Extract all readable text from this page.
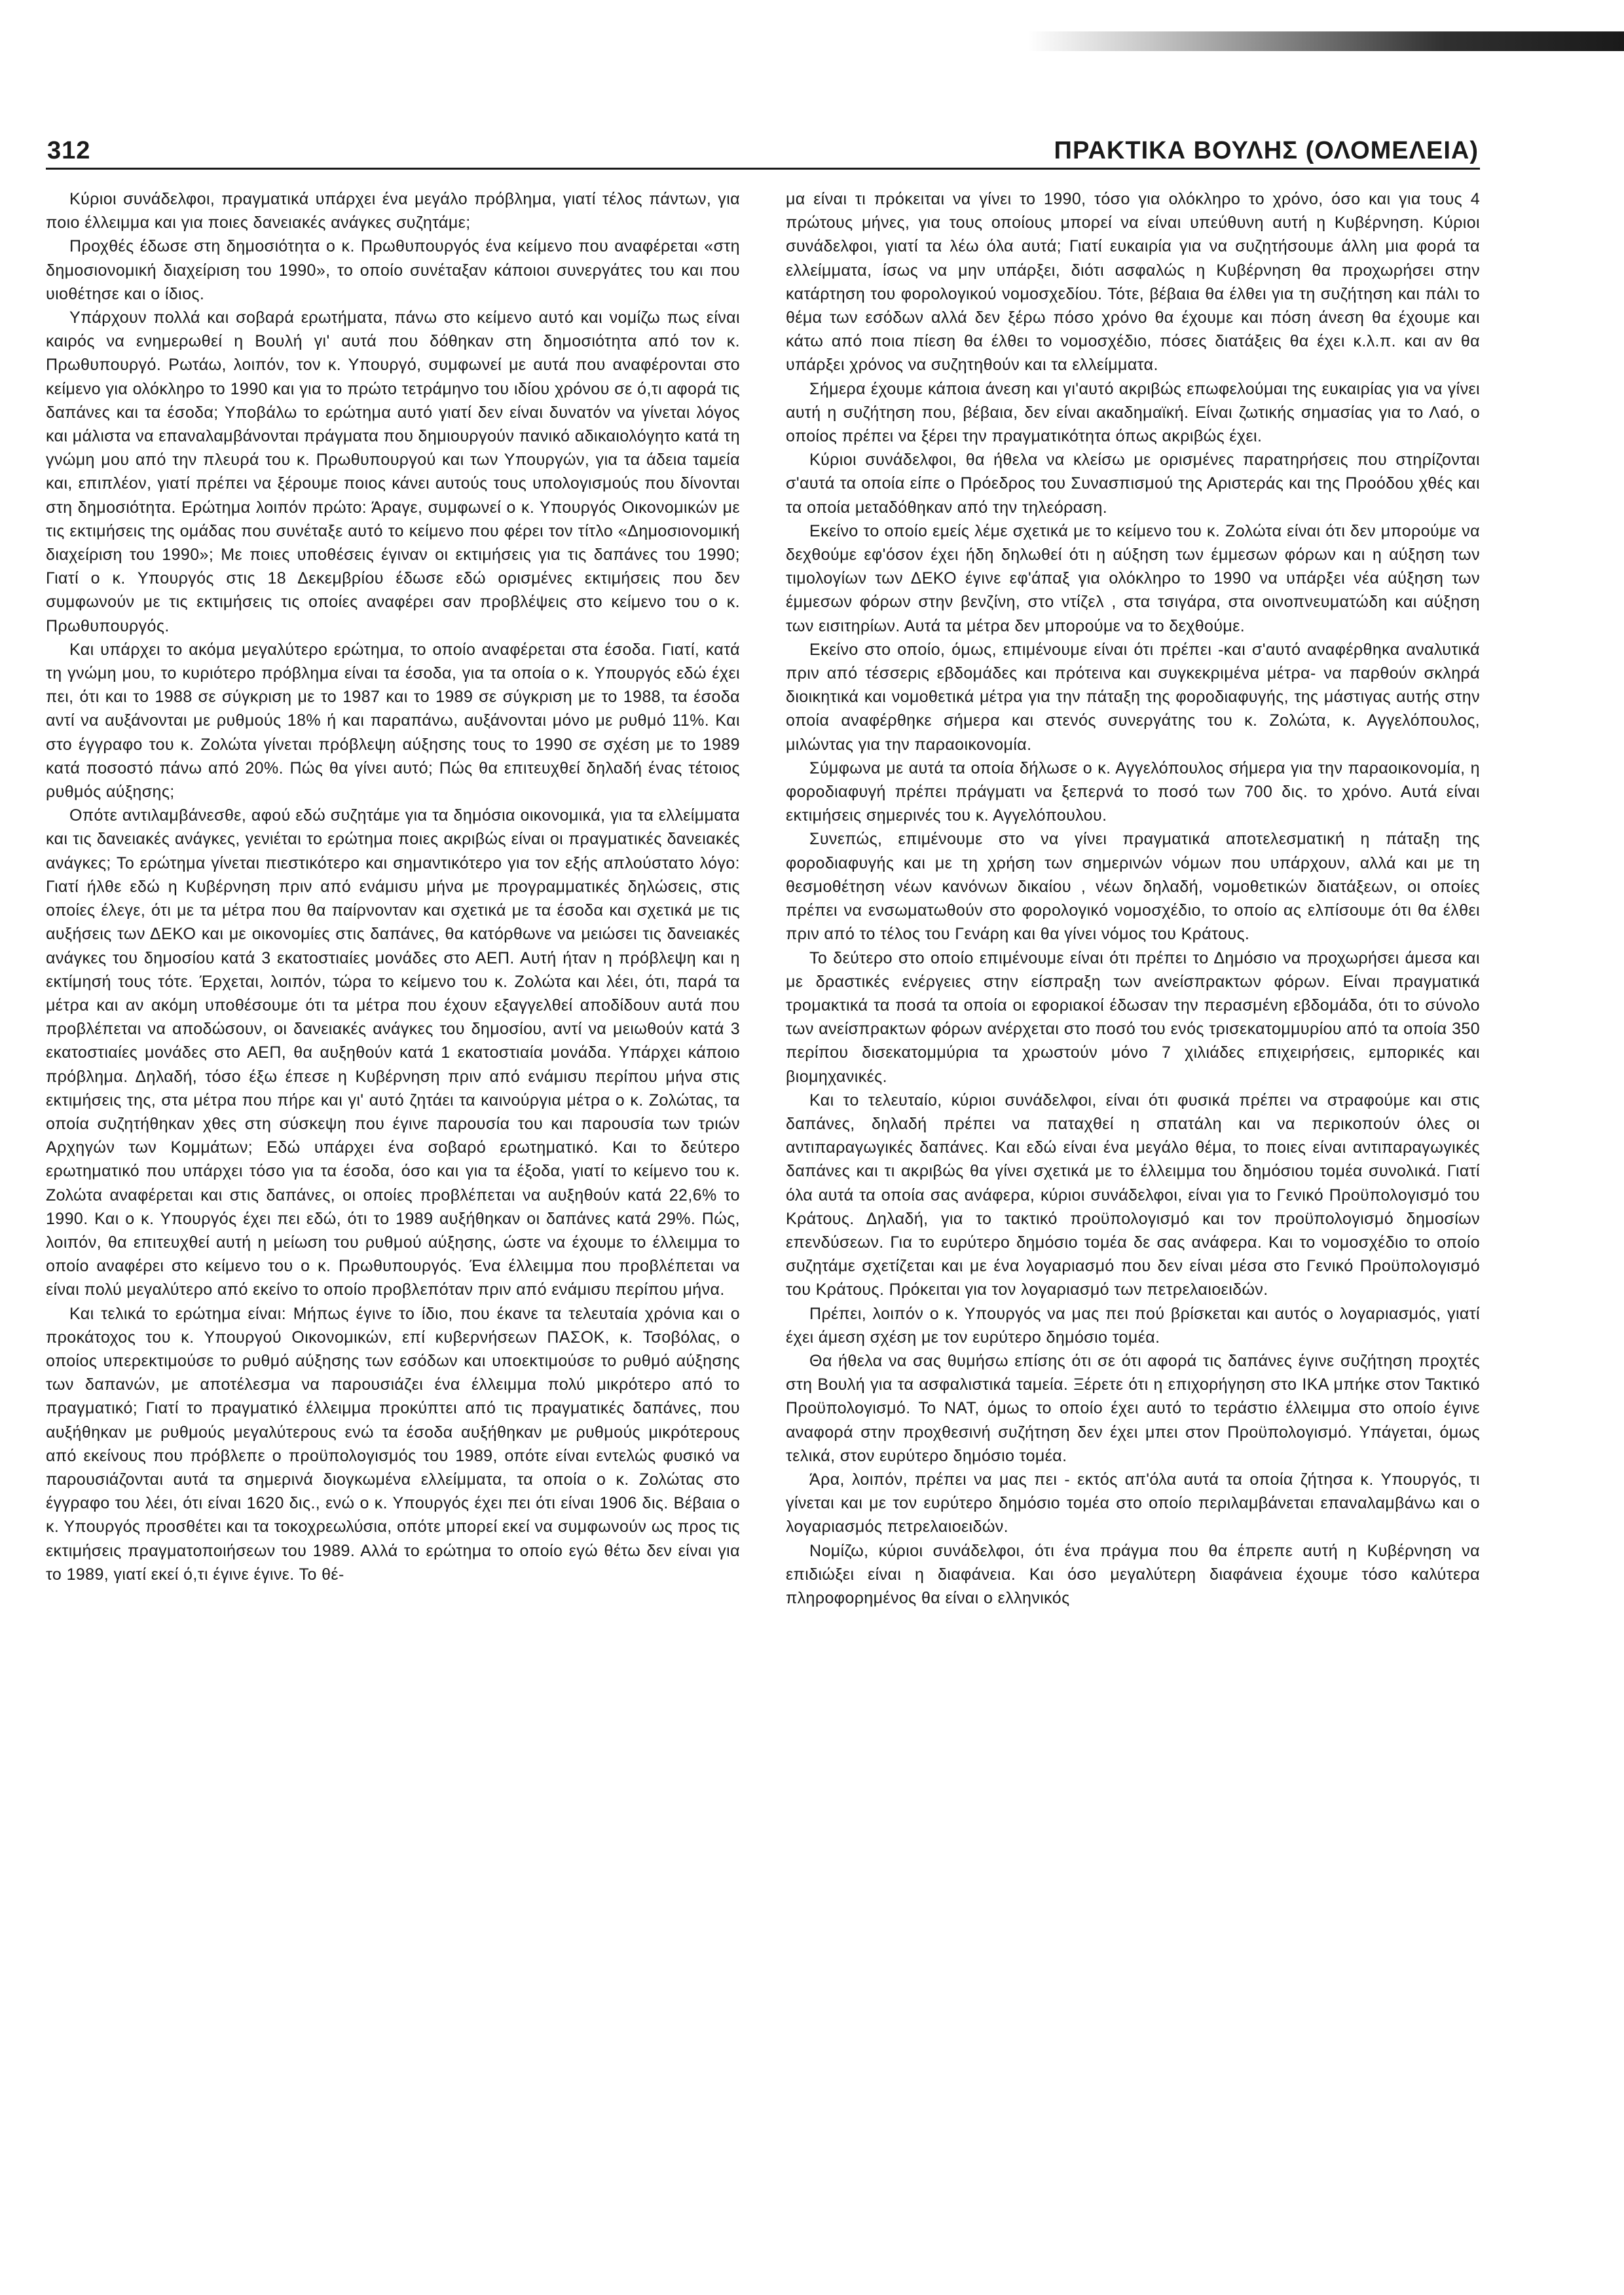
312	ΠΡΑΚΤΙΚΑ ΒΟΥΛΗΣ (ΟΛΟΜΕΛΕΙΑ)

Κύριοι συνάδελφοι, πραγματικά υπάρχει ένα μεγάλο πρόβλημα, γιατί τέλος πάντων, για ποιο έλλειμμα και για ποιες δανειακές ανάγκες συζητάμε;

Προχθές έδωσε στη δημοσιότητα ο κ. Πρωθυπουργός ένα κείμενο που αναφέρεται «στη δημοσιονομική διαχείριση του 1990», το οποίο συνέταξαν κάποιοι συνεργάτες του και που υιοθέτησε και ο ίδιος.

Υπάρχουν πολλά και σοβαρά ερωτήματα, πάνω στο κείμενο αυτό και νομίζω πως είναι καιρός να ενημερωθεί η Βουλή γι' αυτά που δόθηκαν στη δημοσιότητα από τον κ. Πρωθυπουργό. Ρωτάω, λοιπόν, τον κ. Υπουργό, συμφωνεί με αυτά που αναφέρονται στο κείμενο για ολόκληρο το 1990 και για το πρώτο τετράμηνο του ιδίου χρόνου σε ό,τι αφορά τις δαπάνες και τα έσοδα; Υποβάλω το ερώτημα αυτό γιατί δεν είναι δυνατόν να γίνεται λόγος και μάλιστα να επαναλαμβάνονται πράγματα που δημιουργούν πανικό αδικαιολόγητο κατά τη γνώμη μου από την πλευρά του κ. Πρωθυπουργού και των Υπουργών, για τα άδεια ταμεία και, επιπλέον, γιατί πρέπει να ξέρουμε ποιος κάνει αυτούς τους υπολογισμούς που δίνονται στη δημοσιότητα. Ερώτημα λοιπόν πρώτο: Άραγε, συμφωνεί ο κ. Υπουργός Οικονομικών με τις εκτιμήσεις της ομάδας που συνέταξε αυτό το κείμενο που φέρει τον τίτλο «Δημοσιονομική διαχείριση του 1990»; Με ποιες υποθέσεις έγιναν οι εκτιμήσεις για τις δαπάνες του 1990; Γιατί ο κ. Υπουργός στις 18 Δεκεμβρίου έδωσε εδώ ορισμένες εκτιμήσεις που δεν συμφωνούν με τις εκτιμήσεις τις οποίες αναφέρει σαν προβλέψεις στο κείμενο του ο κ. Πρωθυπουργός.

Και υπάρχει το ακόμα μεγαλύτερο ερώτημα, το οποίο αναφέρεται στα έσοδα. Γιατί, κατά τη γνώμη μου, το κυριότερο πρόβλημα είναι τα έσοδα, για τα οποία ο κ. Υπουργός εδώ έχει πει, ότι και το 1988 σε σύγκριση με το 1987 και το 1989 σε σύγκριση με το 1988, τα έσοδα αντί να αυξάνονται με ρυθμούς 18% ή και παραπάνω, αυξάνονται μόνο με ρυθμό 11%. Και στο έγγραφο του κ. Ζολώτα γίνεται πρόβλεψη αύξησης τους το 1990 σε σχέση με το 1989 κατά ποσοστό πάνω από 20%. Πώς θα γίνει αυτό; Πώς θα επιτευχθεί δηλαδή ένας τέτοιος ρυθμός αύξησης;

Οπότε αντιλαμβάνεσθε, αφού εδώ συζητάμε για τα δημόσια οικονομικά, για τα ελλείμματα και τις δανειακές ανάγκες, γενιέται το ερώτημα ποιες ακριβώς είναι οι πραγματικές δανειακές ανάγκες; Το ερώτημα γίνεται πιεστικότερο και σημαντικότερο για τον εξής απλούστατο λόγο: Γιατί ήλθε εδώ η Κυβέρνηση πριν από ενάμισυ μήνα με προγραμματικές δηλώσεις, στις οποίες έλεγε, ότι με τα μέτρα που θα παίρνονταν και σχετικά με τα έσοδα και σχετικά με τις αυξήσεις των ΔΕΚΟ και με οικονομίες στις δαπάνες, θα κατόρθωνε να μειώσει τις δανειακές ανάγκες του δημοσίου κατά 3 εκατοστιαίες μονάδες στο ΑΕΠ. Αυτή ήταν η πρόβλεψη και η εκτίμησή τους τότε. Έρχεται, λοιπόν, τώρα το κείμενο του κ. Ζολώτα και λέει, ότι, παρά τα μέτρα και αν ακόμη υποθέσουμε ότι τα μέτρα που έχουν εξαγγελθεί αποδίδουν αυτά που προβλέπεται να αποδώσουν, οι δανειακές ανάγκες του δημοσίου, αντί να μειωθούν κατά 3 εκατοστιαίες μονάδες στο ΑΕΠ, θα αυξηθούν κατά 1 εκατοστιαία μονάδα. Υπάρχει κάποιο πρόβλημα. Δηλαδή, τόσο έξω έπεσε η Κυβέρνηση πριν από ενάμισυ περίπου μήνα στις εκτιμήσεις της, στα μέτρα που πήρε και γι' αυτό ζητάει τα καινούργια μέτρα ο κ. Ζολώτας, τα οποία συζητήθηκαν χθες στη σύσκεψη που έγινε παρουσία του και παρουσία των τριών Αρχηγών των Κομμάτων; Εδώ υπάρχει ένα σοβαρό ερωτηματικό. Και το δεύτερο ερωτηματικό που υπάρχει τόσο για τα έσοδα, όσο και για τα έξοδα, γιατί το κείμενο του κ. Ζολώτα αναφέρεται και στις δαπάνες, οι οποίες προβλέπεται να αυξηθούν κατά 22,6% το 1990. Και ο κ. Υπουργός έχει πει εδώ, ότι το 1989 αυξήθηκαν οι δαπάνες κατά 29%. Πώς, λοιπόν, θα επιτευχθεί αυτή η μείωση του ρυθμού αύξησης, ώστε να έχουμε το έλλειμμα το οποίο αναφέρει στο κείμενο του ο κ. Πρωθυπουργός. Ένα έλλειμμα που προβλέπεται να είναι πολύ μεγαλύτερο από εκείνο το οποίο προβλεπόταν πριν από ενάμισυ περίπου μήνα.

Και τελικά το ερώτημα είναι: Μήπως έγινε το ίδιο, που έκανε τα τελευταία χρόνια και ο προκάτοχος του κ. Υπουργού Οικονομικών, επί κυβερνήσεων ΠΑΣΟΚ, κ. Τσοβόλας, ο οποίος υπερεκτιμούσε το ρυθμό αύξησης των εσόδων και υποεκτιμούσε το ρυθμό αύξησης των δαπανών, με αποτέλεσμα να παρουσιάζει ένα έλλειμμα πολύ μικρότερο από το πραγματικό; Γιατί το πραγματικό έλλειμμα προκύπτει από τις πραγματικές δαπάνες, που αυξήθηκαν με ρυθμούς μεγαλύτερους ενώ τα έσοδα αυξήθηκαν με ρυθμούς μικρότερους από εκείνους που πρόβλεπε ο προϋπολογισμός του 1989, οπότε είναι εντελώς φυσικό να παρουσιάζονται αυτά τα σημερινά διογκωμένα ελλείμματα, τα οποία ο κ. Ζολώτας στο έγγραφο του λέει, ότι είναι 1620 δις., ενώ ο κ. Υπουργός έχει πει ότι είναι 1906 δις. Βέβαια ο κ. Υπουργός προσθέτει και τα τοκοχρεωλύσια, οπότε μπορεί εκεί να συμφωνούν ως προς τις εκτιμήσεις πραγματοποιήσεων του 1989. Αλλά το ερώτημα το οποίο εγώ θέτω δεν είναι για το 1989, γιατί εκεί ό,τι έγινε έγινε. Το θέ-

μα είναι τι πρόκειται να γίνει το 1990, τόσο για ολόκληρο το χρόνο, όσο και για τους 4 πρώτους μήνες, για τους οποίους μπορεί να είναι υπεύθυνη αυτή η Κυβέρνηση. Κύριοι συνάδελφοι, γιατί τα λέω όλα αυτά; Γιατί ευκαιρία για να συζητήσουμε άλλη μια φορά τα ελλείμματα, ίσως να μην υπάρξει, διότι ασφαλώς η Κυβέρνηση θα προχωρήσει στην κατάρτηση του φορολογικού νομοσχεδίου. Τότε, βέβαια θα έλθει για τη συζήτηση και πάλι το θέμα των εσόδων αλλά δεν ξέρω πόσο χρόνο θα έχουμε και πόση άνεση θα έχουμε και κάτω από ποια πίεση θα έλθει το νομοσχέδιο, πόσες διατάξεις θα έχει κ.λ.π. και αν θα υπάρξει χρόνος να συζητηθούν και τα ελλείμματα.

Σήμερα έχουμε κάποια άνεση και γι'αυτό ακριβώς επωφελούμαι της ευκαιρίας για να γίνει αυτή η συζήτηση που, βέβαια, δεν είναι ακαδημαϊκή. Είναι ζωτικής σημασίας για το Λαό, ο οποίος πρέπει να ξέρει την πραγματικότητα όπως ακριβώς έχει.

Κύριοι συνάδελφοι, θα ήθελα να κλείσω με ορισμένες παρατηρήσεις που στηρίζονται σ'αυτά τα οποία είπε ο Πρόεδρος του Συνασπισμού της Αριστεράς και της Προόδου χθές και τα οποία μεταδόθηκαν από την τηλεόραση.

Εκείνο το οποίο εμείς λέμε σχετικά με το κείμενο του κ. Ζολώτα είναι ότι δεν μπορούμε να δεχθούμε εφ'όσον έχει ήδη δηλωθεί ότι η αύξηση των έμμεσων φόρων και η αύξηση των τιμολογίων των ΔΕΚΟ έγινε εφ'άπαξ για ολόκληρο το 1990 να υπάρξει νέα αύξηση των έμμεσων φόρων στην βενζίνη, στο ντίζελ , στα τσιγάρα, στα οινοπνευματώδη και αύξηση των εισιτηρίων. Αυτά τα μέτρα δεν μπορούμε να το δεχθούμε.

Εκείνο στο οποίο, όμως, επιμένουμε είναι ότι πρέπει -και σ'αυτό αναφέρθηκα αναλυτικά πριν από τέσσερις εβδομάδες και πρότεινα και συγκεκριμένα μέτρα- να παρθούν σκληρά διοικητικά και νομοθετικά μέτρα για την πάταξη της φοροδιαφυγής, της μάστιγας αυτής στην οποία αναφέρθηκε σήμερα και στενός συνεργάτης του κ. Ζολώτα, κ. Αγγελόπουλος, μιλώντας για την παραοικονομία.

Σύμφωνα με αυτά τα οποία δήλωσε ο κ. Αγγελόπουλος σήμερα για την παραοικονομία, η φοροδιαφυγή πρέπει πράγματι να ξεπερνά το ποσό των 700 δις. το χρόνο. Αυτά είναι εκτιμήσεις σημερινές του κ. Αγγελόπουλου.

Συνεπώς, επιμένουμε στο να γίνει πραγματικά αποτελεσματική η πάταξη της φοροδιαφυγής και με τη χρήση των σημερινών νόμων που υπάρχουν, αλλά και με τη θεσμοθέτηση νέων κανόνων δικαίου , νέων δηλαδή, νομοθετικών διατάξεων, οι οποίες πρέπει να ενσωματωθούν στο φορολογικό νομοσχέδιο, το οποίο ας ελπίσουμε ότι θα έλθει πριν από το τέλος του Γενάρη και θα γίνει νόμος του Κράτους.

Το δεύτερο στο οποίο επιμένουμε είναι ότι πρέπει το Δημόσιο να προχωρήσει άμεσα και με δραστικές ενέργειες στην είσπραξη των ανείσπρακτων φόρων. Είναι πραγματικά τρομακτικά τα ποσά τα οποία οι εφοριακοί έδωσαν την περασμένη εβδομάδα, ότι το σύνολο των ανείσπρακτων φόρων ανέρχεται στο ποσό του ενός τρισεκατομμυρίου από τα οποία 350 περίπου δισεκατομμύρια τα χρωστούν μόνο 7 χιλιάδες επιχειρήσεις, εμπορικές και βιομηχανικές.

Και το τελευταίο, κύριοι συνάδελφοι, είναι ότι φυσικά πρέπει να στραφούμε και στις δαπάνες, δηλαδή πρέπει να παταχθεί η σπατάλη και να περικοπούν όλες οι αντιπαραγωγικές δαπάνες. Και εδώ είναι ένα μεγάλο θέμα, το ποιες είναι αντιπαραγωγικές δαπάνες και τι ακριβώς θα γίνει σχετικά με το έλλειμμα του δημόσιου τομέα συνολικά. Γιατί όλα αυτά τα οποία σας ανάφερα, κύριοι συνάδελφοι, είναι για το Γενικό Προϋπολογισμό του Κράτους. Δηλαδή, για το τακτικό προϋπολογισμό και τον προϋπολογισμό δημοσίων επενδύσεων. Για το ευρύτερο δημόσιο τομέα δε σας ανάφερα. Και το νομοσχέδιο το οποίο συζητάμε σχετίζεται και με ένα λογαριασμό που δεν είναι μέσα στο Γενικό Προϋπολογισμό του Κράτους. Πρόκειται για τον λογαριασμό των πετρελαιοειδών.

Πρέπει, λοιπόν ο κ. Υπουργός να μας πει πού βρίσκεται και αυτός ο λογαριασμός, γιατί έχει άμεση σχέση με τον ευρύτερο δημόσιο τομέα.

Θα ήθελα να σας θυμήσω επίσης ότι σε ότι αφορά τις δαπάνες έγινε συζήτηση προχτές στη Βουλή για τα ασφαλιστικά ταμεία. Ξέρετε ότι η επιχορήγηση στο ΙΚΑ μπήκε στον Τακτικό Προϋπολογισμό. Το ΝΑΤ, όμως το οποίο έχει αυτό το τεράστιο έλλειμμα στο οποίο έγινε αναφορά στην προχθεσινή συζήτηση δεν έχει μπει στον Προϋπολογισμό. Υπάγεται, όμως τελικά, στον ευρύτερο δημόσιο τομέα.

Άρα, λοιπόν, πρέπει να μας πει - εκτός απ'όλα αυτά τα οποία ζήτησα κ. Υπουργός, τι γίνεται και με τον ευρύτερο δημόσιο τομέα στο οποίο περιλαμβάνεται επαναλαμβάνω και ο λογαριασμός πετρελαιοειδών.

Νομίζω, κύριοι συνάδελφοι, ότι ένα πράγμα που θα έπρεπε αυτή η Κυβέρνηση να επιδιώξει είναι η διαφάνεια. Και όσο μεγαλύτερη διαφάνεια έχουμε τόσο καλύτερα πληροφορημένος θα είναι ο ελληνικός
